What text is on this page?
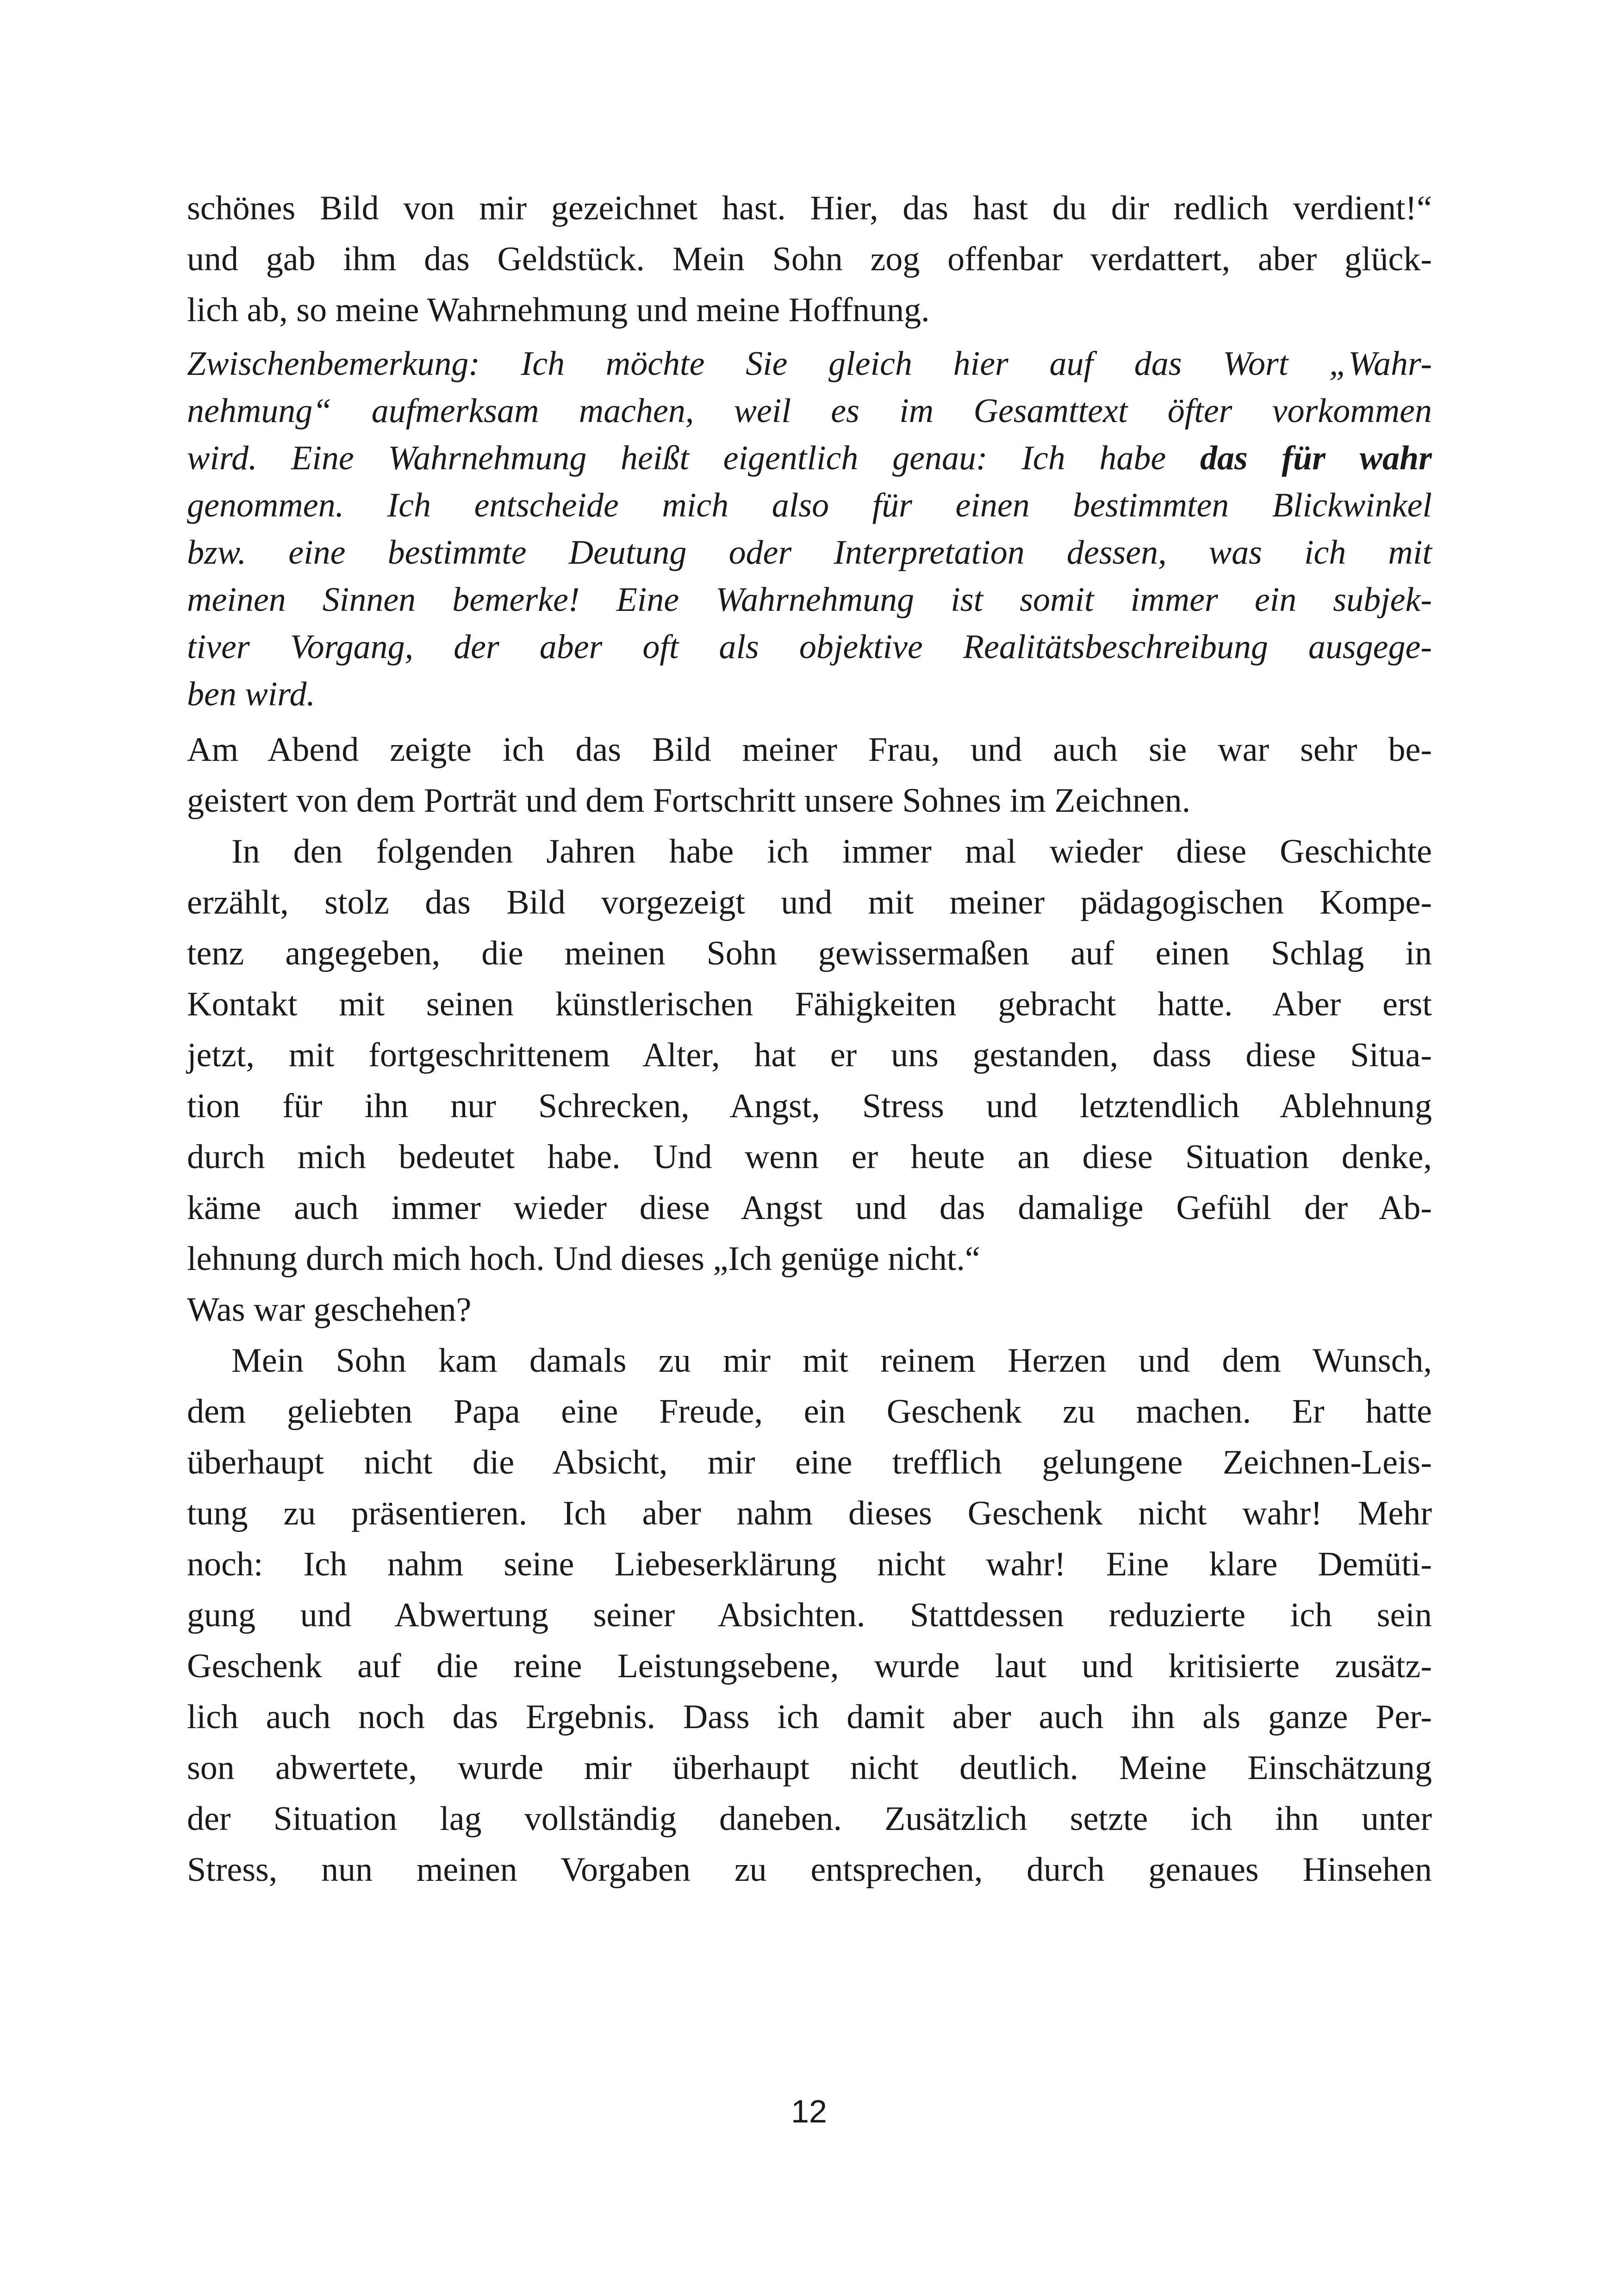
schönes Bild von mir gezeichnet hast. Hier, das hast du dir redlich verdient!“
und gab ihm das Geldstück. Mein Sohn zog offenbar verdattert, aber glück-
lich ab, so meine Wahrnehmung und meine Hoffnung.

Zwischenbemerkung: Ich möchte Sie gleich hier auf das Wort „Wahr-
nehmung“ aufmerksam machen, weil es im Gesamttext öfter vorkommen
wird. Eine Wahrnehmung heißt eigentlich genau: Ich habe das für wahr
genommen. Ich entscheide mich also für einen bestimmten Blickwinkel
bzw. eine bestimmte Deutung oder Interpretation dessen, was ich mit
meinen Sinnen bemerke! Eine Wahrnehmung ist somit immer ein subjek-
tiver Vorgang, der aber oft als objektive Realitätsbeschreibung ausgege-
ben wird.

Am Abend zeigte ich das Bild meiner Frau, und auch sie war sehr be-
geistert von dem Porträt und dem Fortschritt unsere Sohnes im Zeichnen.

In den folgenden Jahren habe ich immer mal wieder diese Geschichte
erzählt, stolz das Bild vorgezeigt und mit meiner pädagogischen Kompe-
tenz angegeben, die meinen Sohn gewissermaßen auf einen Schlag in
Kontakt mit seinen künstlerischen Fähigkeiten gebracht hatte. Aber erst
jetzt, mit fortgeschrittenem Alter, hat er uns gestanden, dass diese Situa-
tion für ihn nur Schrecken, Angst, Stress und letztendlich Ablehnung
durch mich bedeutet habe. Und wenn er heute an diese Situation denke,
käme auch immer wieder diese Angst und das damalige Gefühl der Ab-
lehnung durch mich hoch. Und dieses „Ich genüge nicht.“

Was war geschehen?

Mein Sohn kam damals zu mir mit reinem Herzen und dem Wunsch,
dem geliebten Papa eine Freude, ein Geschenk zu machen. Er hatte
überhaupt nicht die Absicht, mir eine trefflich gelungene Zeichnen-Leis-
tung zu präsentieren. Ich aber nahm dieses Geschenk nicht wahr! Mehr
noch: Ich nahm seine Liebeserklärung nicht wahr! Eine klare Demüti-
gung und Abwertung seiner Absichten. Stattdessen reduzierte ich sein
Geschenk auf die reine Leistungsebene, wurde laut und kritisierte zusätz-
lich auch noch das Ergebnis. Dass ich damit aber auch ihn als ganze Per-
son abwertete, wurde mir überhaupt nicht deutlich. Meine Einschätzung
der Situation lag vollständig daneben. Zusätzlich setzte ich ihn unter
Stress, nun meinen Vorgaben zu entsprechen, durch genaues Hinsehen

12
